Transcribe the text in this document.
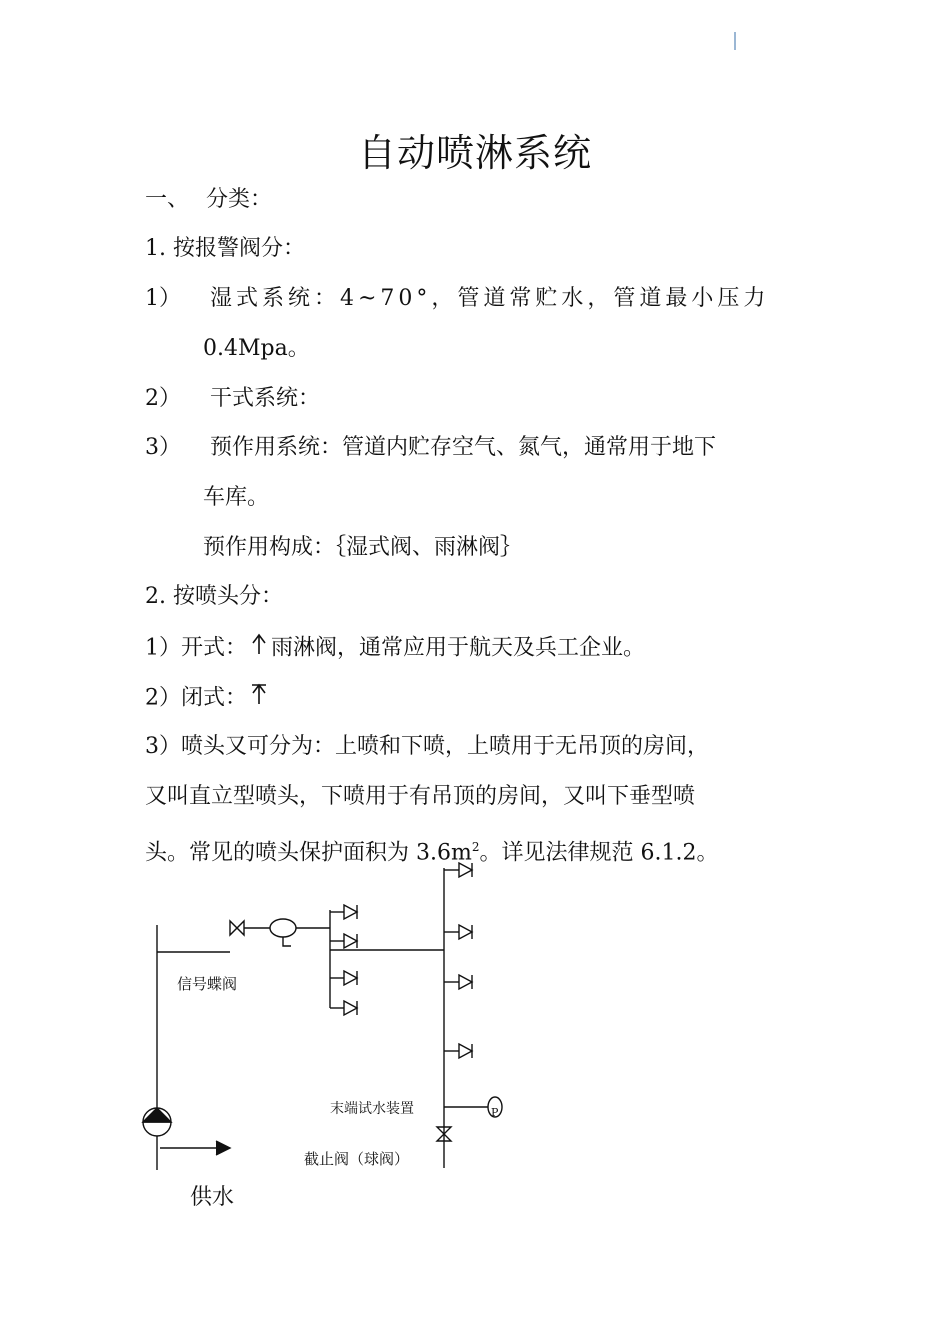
自动喷淋系统
一、 分类：
1. 按报警阀分：
1） 湿式系统：4~70°，管道常贮水，管道最小压力
0.4Mpa。
2） 干式系统：
3） 预作用系统：管道内贮存空气、氮气，通常用于地下
车库。
预作用构成：｛湿式阀、雨淋阀｝
2. 按喷头分：
1）开式： 雨淋阀，通常应用于航天及兵工企业。
2）闭式：
3）喷头又可分为：上喷和下喷，上喷用于无吊顶的房间，
又叫直立型喷头，下喷用于有吊顶的房间，又叫下垂型喷
头。常见的喷头保护面积为 $3.6m^2$。详见法律规范 6.1.2。
P
信号蝶阀
末端试水装置
截止阀（球阀）
供水
